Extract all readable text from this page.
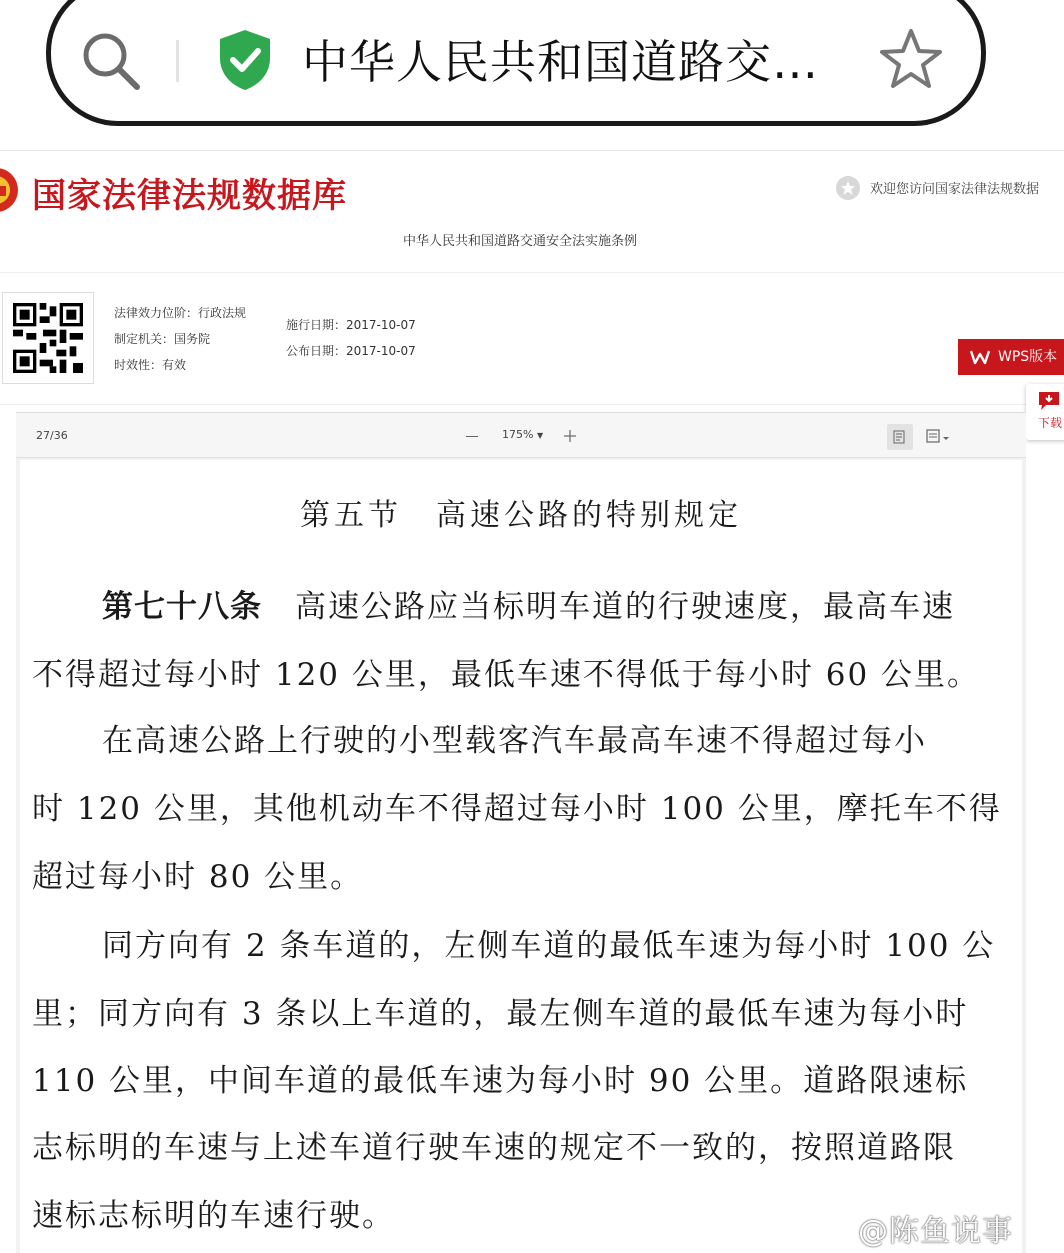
中华人民共和国道路交…
国家法律法规数据库	欢迎您访问国家法律法规数据
中华人民共和国道路交通安全法实施条例
法律效力位阶：行政法规
制定机关：国务院
时效性：有效
施行日期：2017-10-07
公布日期：2017-10-07	WPS版本
下载
27/36	175% ▼
第五节　高速公路的特别规定
第七十八条　 高速公路应当标明车道的行驶速度，最高车速
不得超过每小时 120 公里，最低车速不得低于每小时 60 公里。
在高速公路上行驶的小型载客汽车最高车速不得超过每小
时 120 公里，其他机动车不得超过每小时 100 公里，摩托车不得
超过每小时 80 公里。
同方向有 2 条车道的，左侧车道的最低车速为每小时 100 公
里；同方向有 3 条以上车道的，最左侧车道的最低车速为每小时
110 公里，中间车道的最低车速为每小时 90 公里。道路限速标
志标明的车速与上述车道行驶车速的规定不一致的，按照道路限
速标志标明的车速行驶。	@陈鱼说事
